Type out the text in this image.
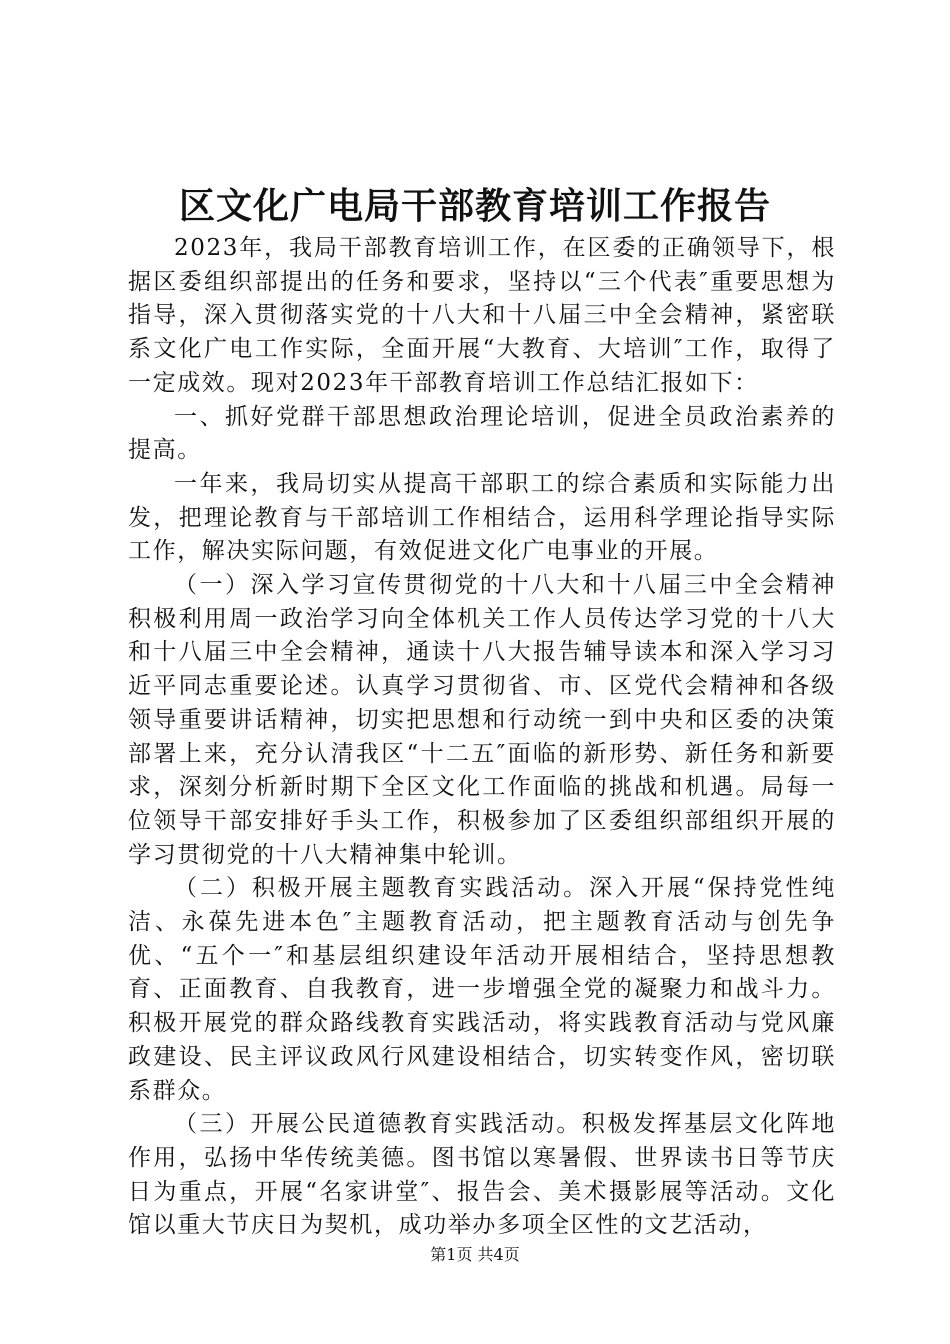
区文化广电局干部教育培训工作报告

2023年，我局干部教育培训工作，在区委的正确领导下，根据区委组织部提出的任务和要求，坚持以“三个代表″重要思想为指导，深入贯彻落实党的十八大和十八届三中全会精神，紧密联系文化广电工作实际，全面开展“大教育、大培训″工作，取得了一定成效。现对2023年干部教育培训工作总结汇报如下：

一、抓好党群干部思想政治理论培训，促进全员政治素养的提高。

一年来，我局切实从提高干部职工的综合素质和实际能力出发，把理论教育与干部培训工作相结合，运用科学理论指导实际工作，解决实际问题，有效促进文化广电事业的开展。

（一）深入学习宣传贯彻党的十八大和十八届三中全会精神积极利用周一政治学习向全体机关工作人员传达学习党的十八大和十八届三中全会精神，通读十八大报告辅导读本和深入学习习近平同志重要论述。认真学习贯彻省、市、区党代会精神和各级领导重要讲话精神，切实把思想和行动统一到中央和区委的决策部署上来，充分认清我区“十二五″面临的新形势、新任务和新要求，深刻分析新时期下全区文化工作面临的挑战和机遇。局每一位领导干部安排好手头工作，积极参加了区委组织部组织开展的学习贯彻党的十八大精神集中轮训。

（二）积极开展主题教育实践活动。深入开展“保持党性纯洁、永葆先进本色″主题教育活动，把主题教育活动与创先争优、“五个一″和基层组织建设年活动开展相结合，坚持思想教育、正面教育、自我教育，进一步增强全党的凝聚力和战斗力。积极开展党的群众路线教育实践活动，将实践教育活动与党风廉政建设、民主评议政风行风建设相结合，切实转变作风，密切联系群众。

（三）开展公民道德教育实践活动。积极发挥基层文化阵地作用，弘扬中华传统美德。图书馆以寒暑假、世界读书日等节庆日为重点，开展“名家讲堂″、报告会、美术摄影展等活动。文化馆以重大节庆日为契机，成功举办多项全区性的文艺活动，

第1页 共4页
